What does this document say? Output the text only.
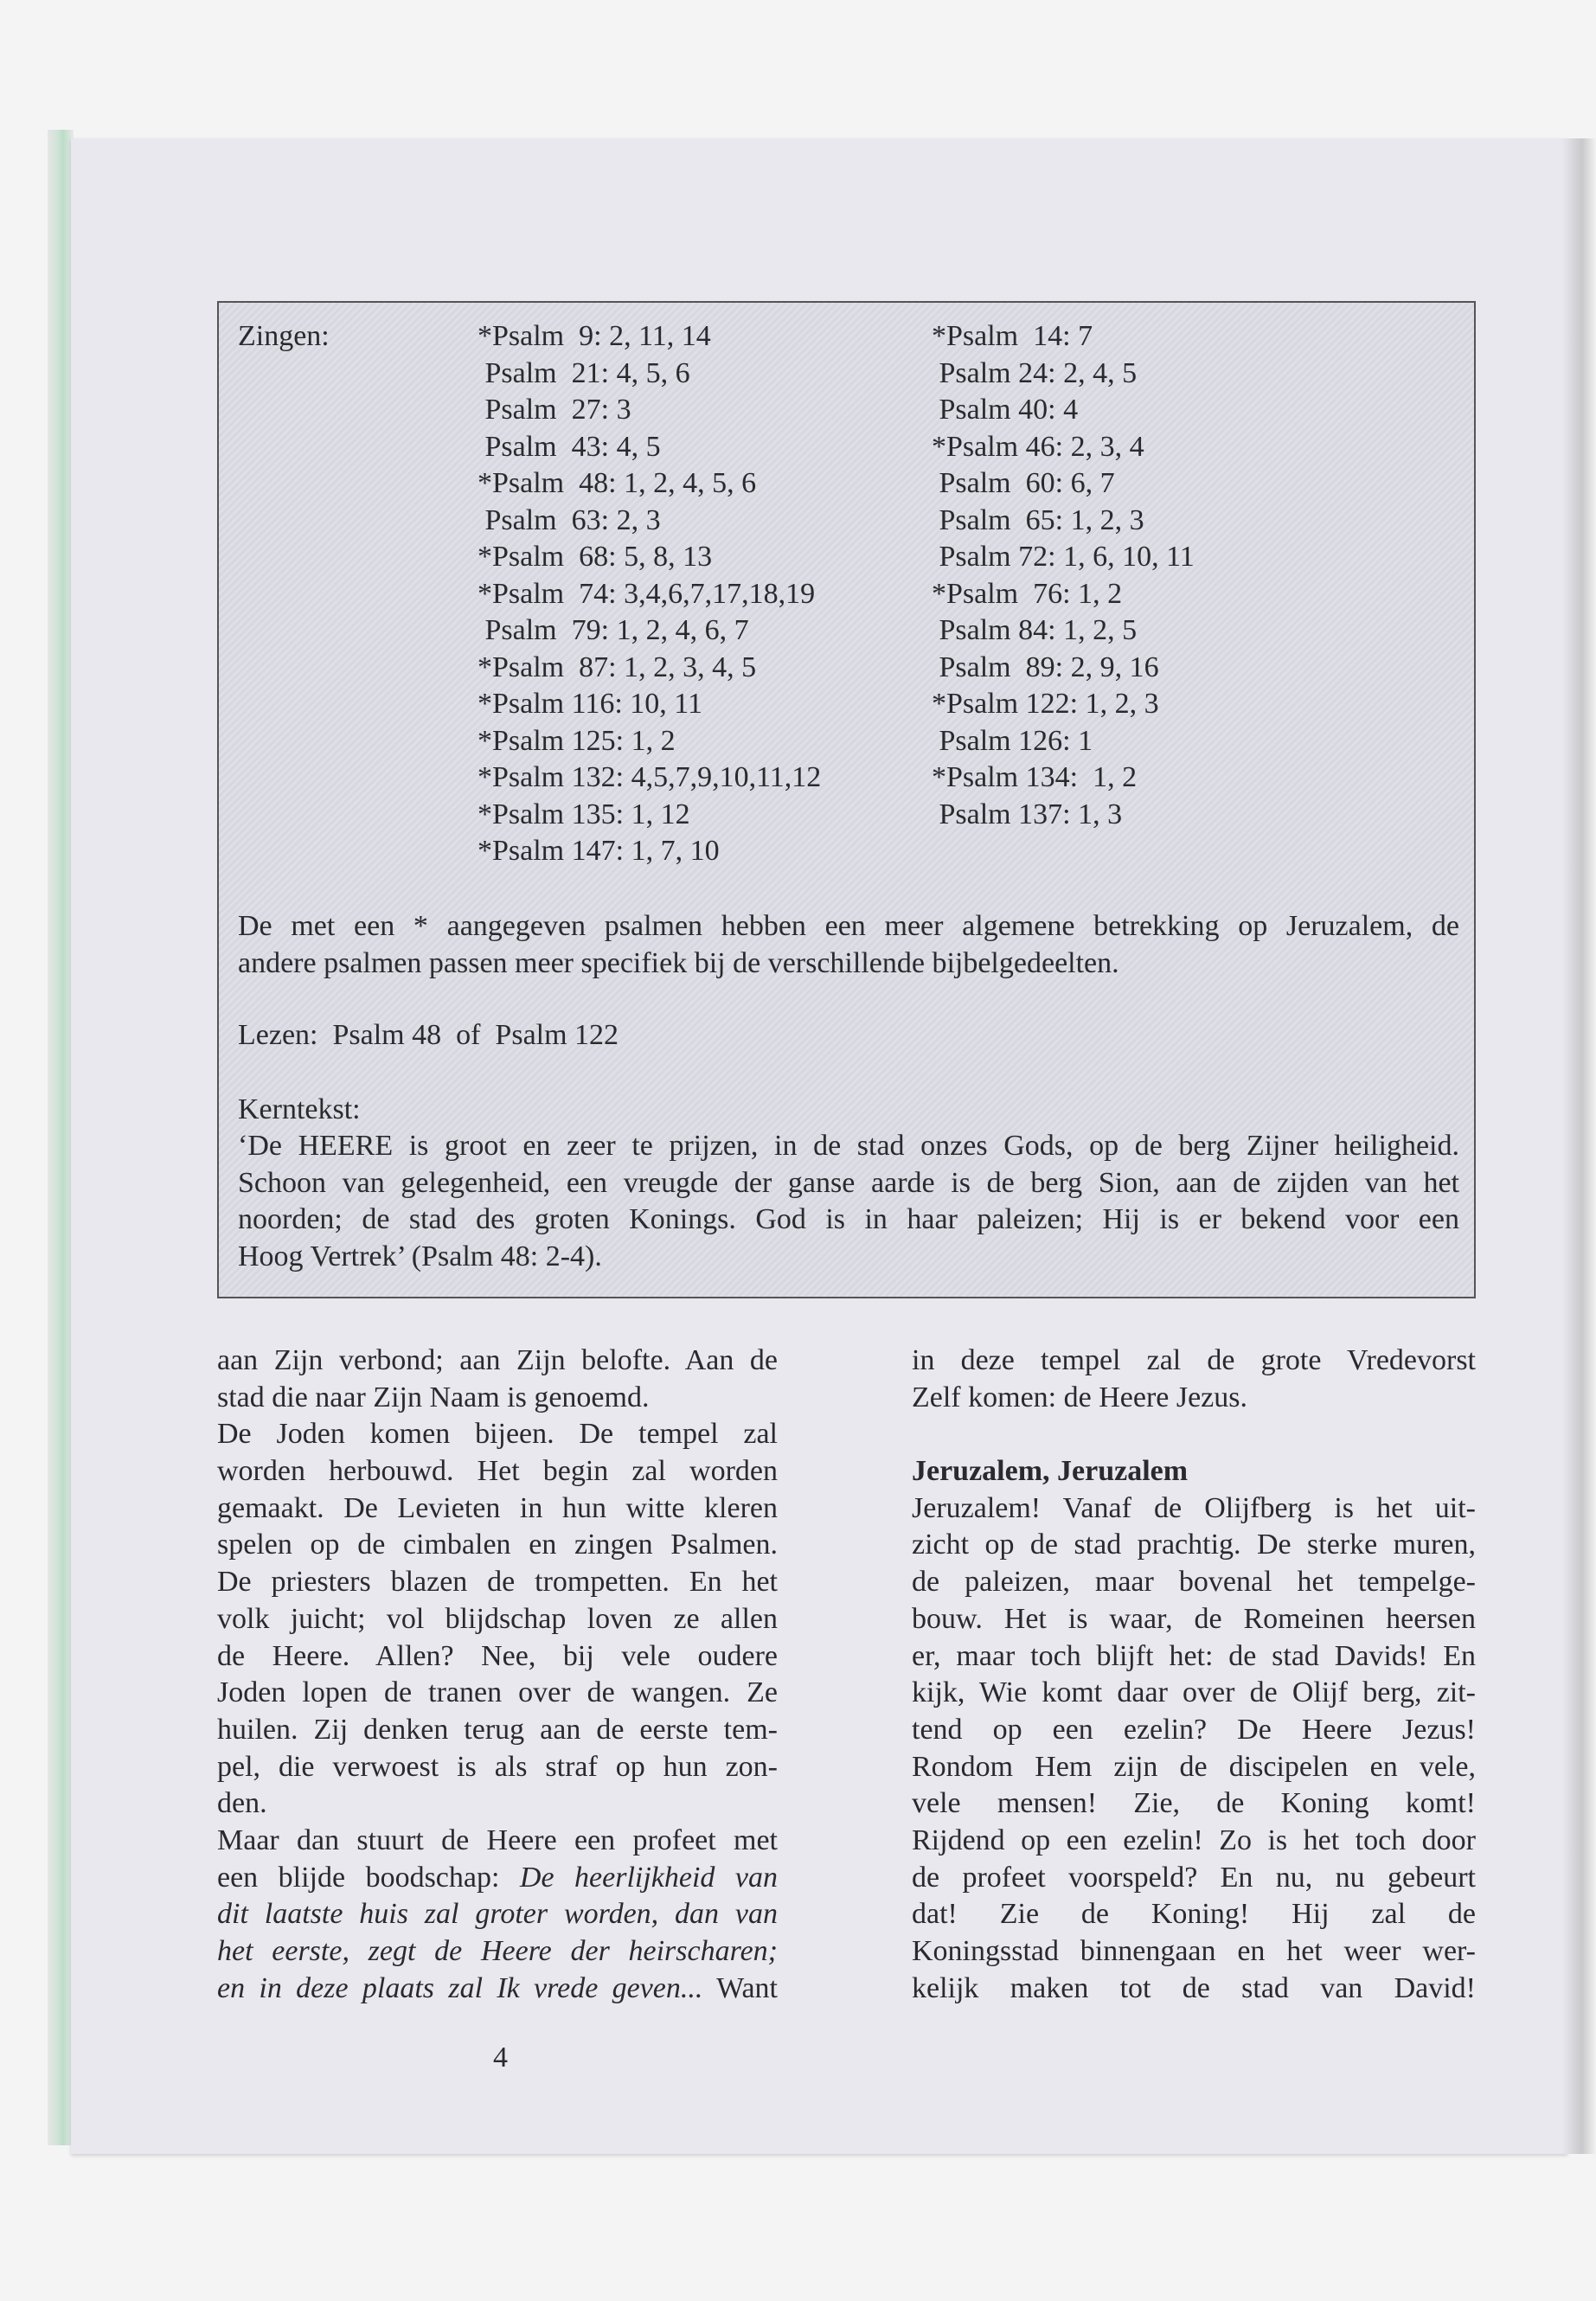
Zingen:	*Psalm  9: 2, 11, 14
Psalm  21: 4, 5, 6
Psalm  27: 3
Psalm  43: 4, 5
*Psalm  48: 1, 2, 4, 5, 6
Psalm  63: 2, 3
*Psalm  68: 5, 8, 13
*Psalm  74: 3,4,6,7,17,18,19
Psalm  79: 1, 2, 4, 6, 7
*Psalm  87: 1, 2, 3, 4, 5
*Psalm 116: 10, 11
*Psalm 125: 1, 2
*Psalm 132: 4,5,7,9,10,11,12
*Psalm 135: 1, 12
*Psalm 147: 1, 7, 10
*Psalm  14: 7
Psalm 24: 2, 4, 5
Psalm 40: 4
*Psalm 46: 2, 3, 4
Psalm  60: 6, 7
Psalm  65: 1, 2, 3
Psalm 72: 1, 6, 10, 11
*Psalm  76: 1, 2
Psalm 84: 1, 2, 5
Psalm  89: 2, 9, 16
*Psalm 122: 1, 2, 3
Psalm 126: 1
*Psalm 134:  1, 2
Psalm 137: 1, 3
De met een * aangegeven psalmen hebben een meer algemene betrekking op Jeruzalem, de
andere psalmen passen meer specifiek bij de verschillende bijbelgedeelten.
Lezen:  Psalm 48  of  Psalm 122
Kerntekst:
‘De HEERE is groot en zeer te prijzen, in de stad onzes Gods, op de berg Zijner heiligheid.
Schoon van gelegenheid, een vreugde der ganse aarde is de berg Sion, aan de zijden van het
noorden; de stad des groten Konings. God is in haar paleizen; Hij is er bekend voor een
Hoog Vertrek’ (Psalm 48: 2-4).
aan Zijn verbond; aan Zijn belofte. Aan de
stad die naar Zijn Naam is genoemd.
De Joden komen bijeen. De tempel zal
worden herbouwd. Het begin zal worden
gemaakt. De Levieten in hun witte kleren
spelen op de cimbalen en zingen Psalmen.
De priesters blazen de trompetten. En het
volk juicht; vol blijdschap loven ze allen
de Heere. Allen? Nee, bij vele oudere
Joden lopen de tranen over de wangen. Ze
huilen. Zij denken terug aan de eerste tem-
pel, die verwoest is als straf op hun zon-
den.
Maar dan stuurt de Heere een profeet met
een blijde boodschap: De heerlijkheid van
dit laatste huis zal groter worden, dan van
het eerste, zegt de Heere der heirscharen;
en in deze plaats zal Ik vrede geven... Want
in deze tempel zal de grote Vredevorst
Zelf komen: de Heere Jezus.
Jeruzalem, Jeruzalem
Jeruzalem! Vanaf de Olijfberg is het uit-
zicht op de stad prachtig. De sterke muren,
de paleizen, maar bovenal het tempelge-
bouw. Het is waar, de Romeinen heersen
er, maar toch blijft het: de stad Davids! En
kijk, Wie komt daar over de Olijf berg, zit-
tend op een ezelin? De Heere Jezus!
Rondom Hem zijn de discipelen en vele,
vele mensen! Zie, de Koning komt!
Rijdend op een ezelin! Zo is het toch door
de profeet voorspeld? En nu, nu gebeurt
dat! Zie de Koning! Hij zal de
Koningsstad binnengaan en het weer wer-
kelijk maken tot de stad van David!
4
